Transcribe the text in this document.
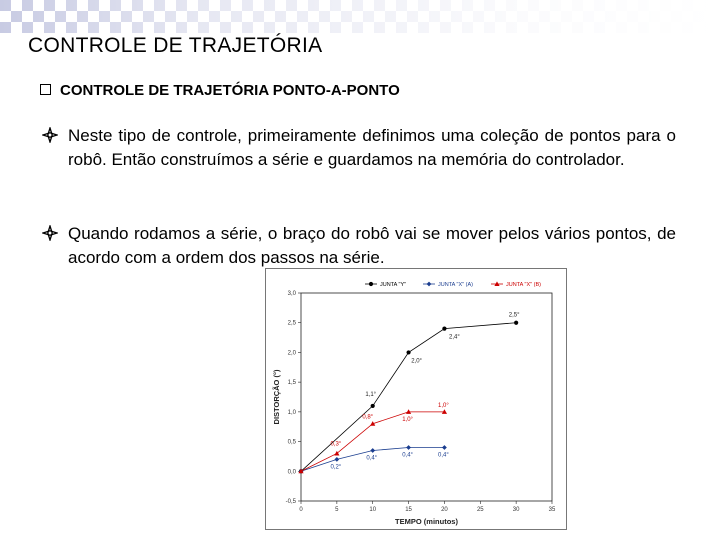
CONTROLE DE TRAJETÓRIA
CONTROLE DE TRAJETÓRIA PONTO-A-PONTO
Neste tipo de controle, primeiramente definimos uma coleção de pontos para o robô. Então construímos a série e guardamos na memória do controlador.
Quando rodamos a série, o braço do robô vai se mover pelos vários pontos, de acordo com a ordem dos passos na série.
-0,5
0,0
0,5
1,0
1,5
2,0
2,5
3,0
0	5	10	15	20	25	30	35
TEMPO (minutos)
DISTORÇÃO (°)	1,1°
2,0°
2,4°
2,5°
0,2°
0,4°	0,4°	0,4°
0,3°
0,8°	1,0°
1,0°
JUNTA "Y"	JUNTA "X" (A)	JUNTA "X" (B)
